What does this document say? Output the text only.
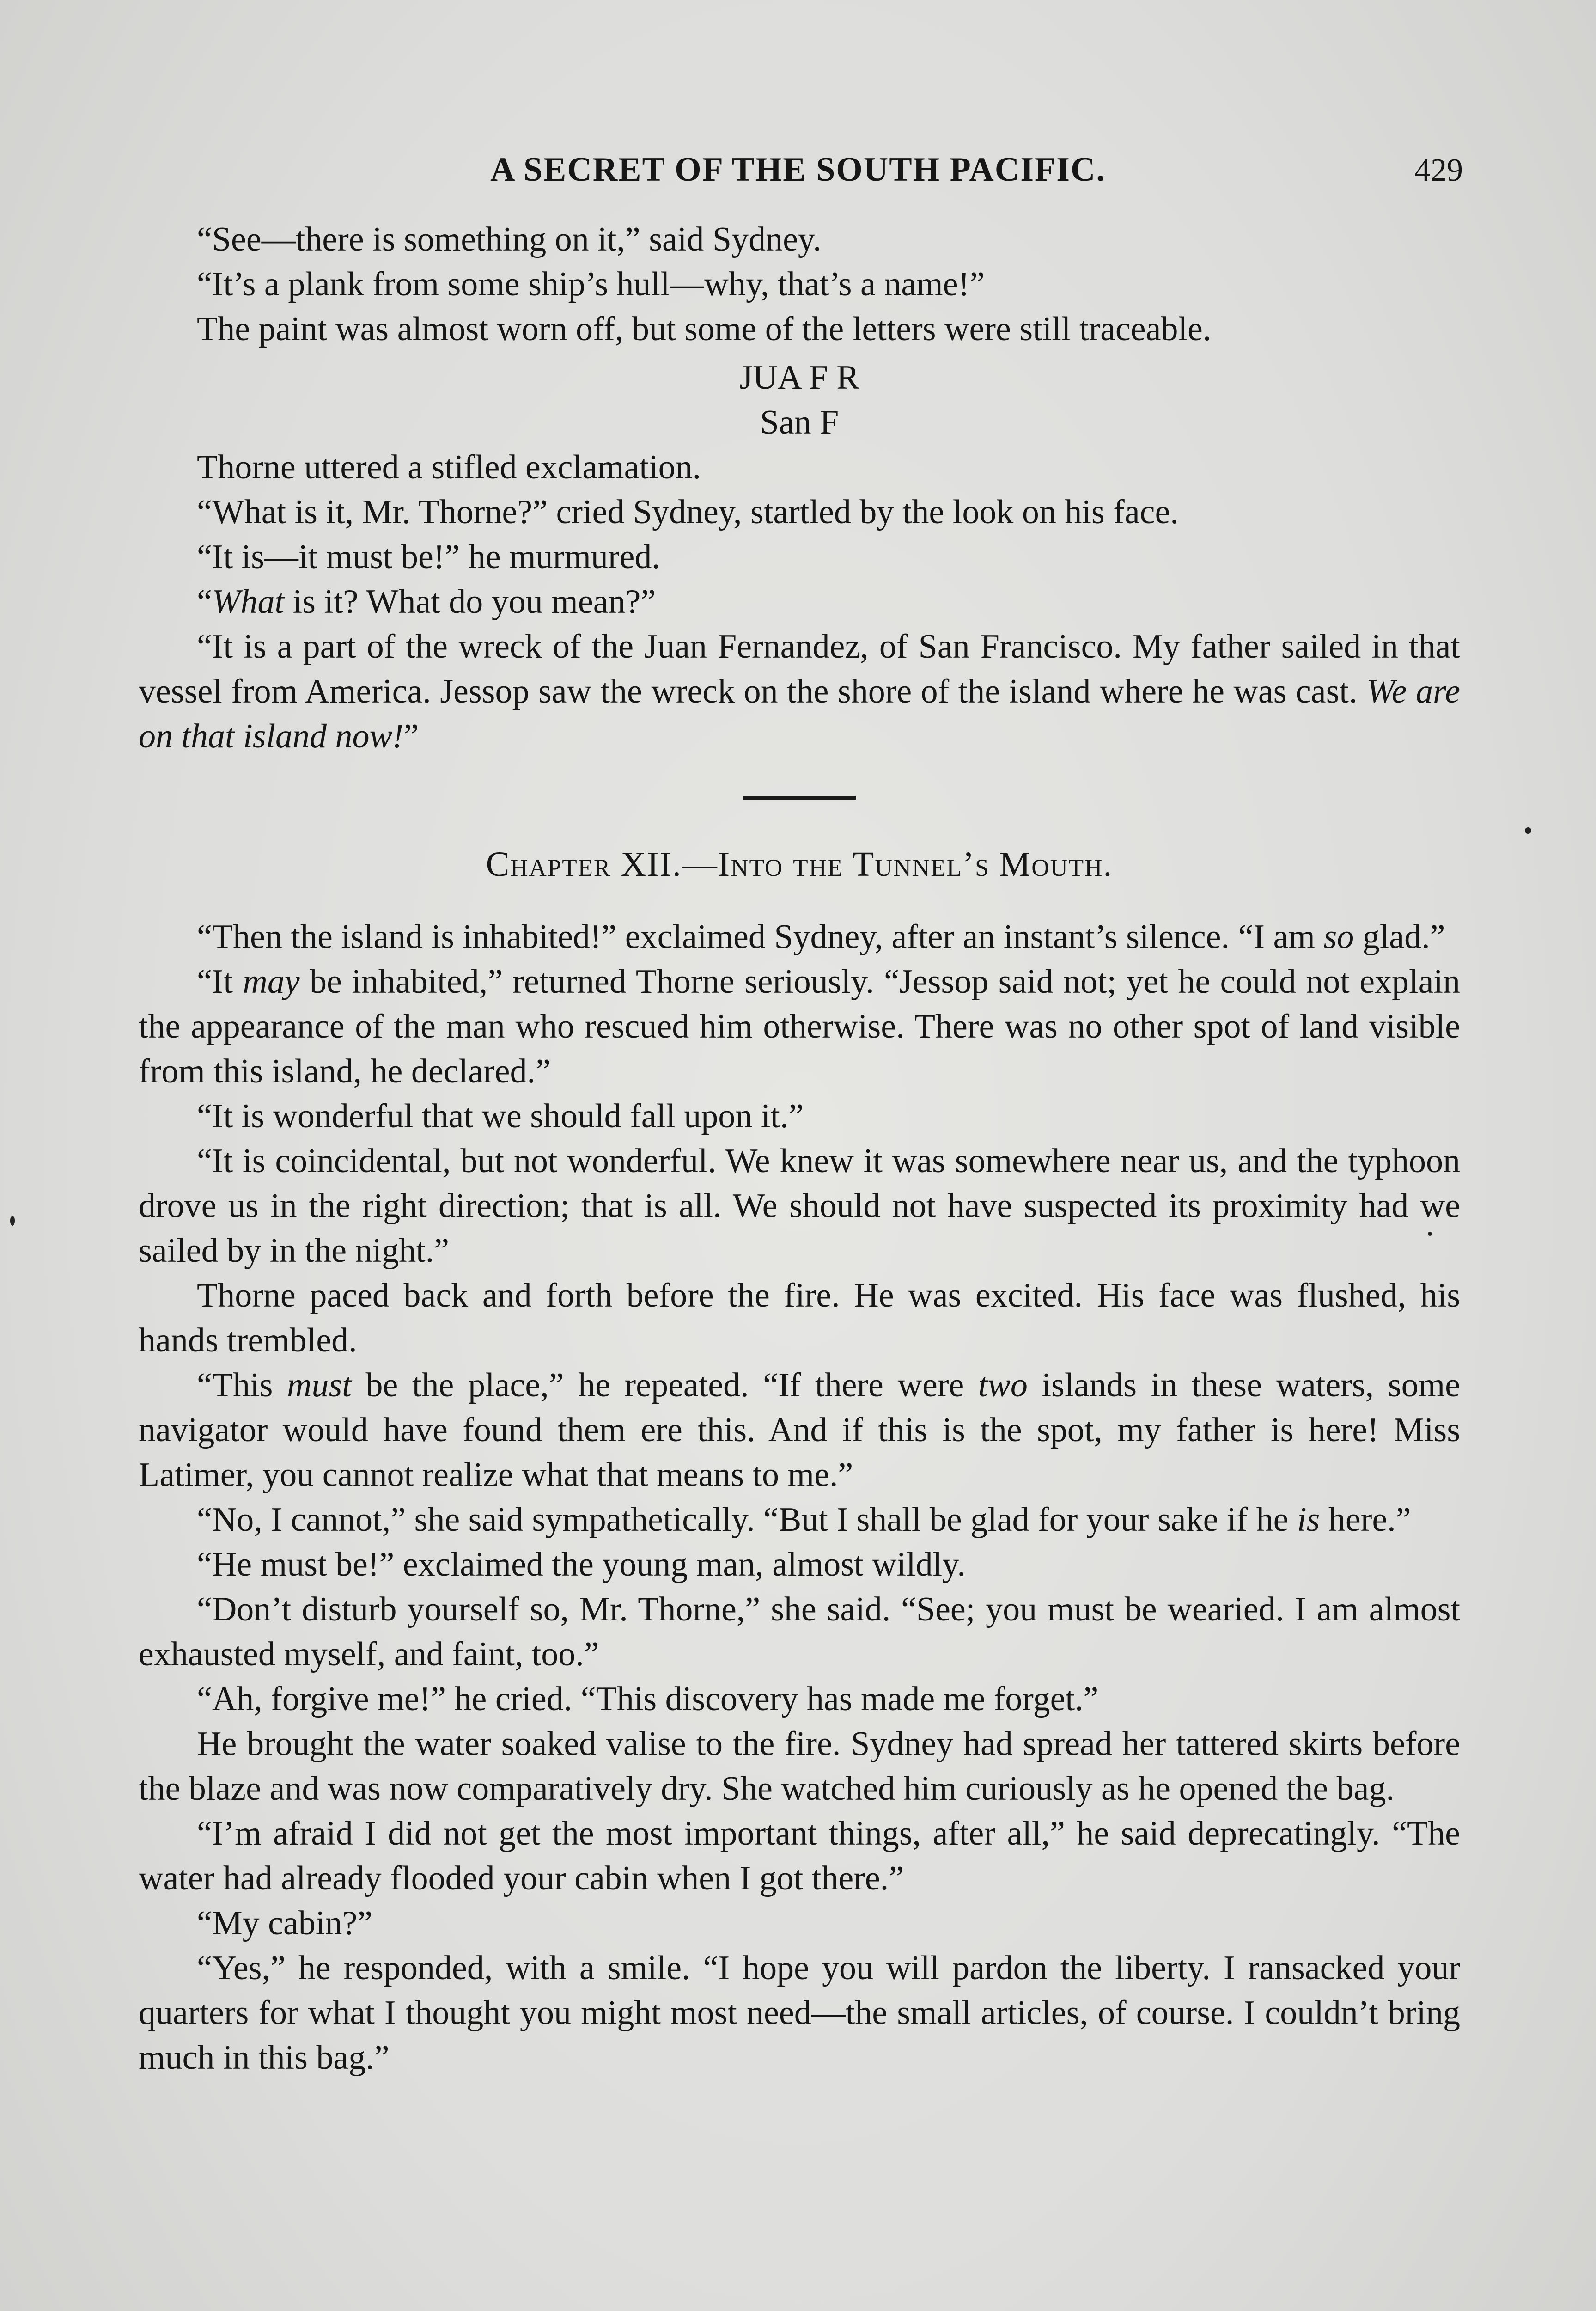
A SECRET OF THE SOUTH PACIFIC.	429

“See—there is something on it,” said Sydney.

“It’s a plank from some ship’s hull—why, that’s a name!”

The paint was almost worn off, but some of the letters were still traceable.

JUA F R

San F

Thorne uttered a stifled exclamation.

“What is it, Mr. Thorne?” cried Sydney, startled by the look on his face.

“It is—it must be!” he murmured.

“What is it? What do you mean?”

“It is a part of the wreck of the Juan Fernandez, of San Francisco. My father sailed in that vessel from America. Jessop saw the wreck on the shore of the island where he was cast. We are on that island now!”

Chapter XII.—Into the Tunnel’s Mouth.

“Then the island is inhabited!” exclaimed Sydney, after an instant’s silence. “I am so glad.”

“It may be inhabited,” returned Thorne seriously. “Jessop said not; yet he could not explain the appearance of the man who rescued him otherwise. There was no other spot of land visible from this island, he declared.”

“It is wonderful that we should fall upon it.”

“It is coincidental, but not wonderful. We knew it was somewhere near us, and the typhoon drove us in the right direction; that is all. We should not have suspected its proximity had we sailed by in the night.”

Thorne paced back and forth before the fire. He was excited. His face was flushed, his hands trembled.

“This must be the place,” he repeated. “If there were two islands in these waters, some navigator would have found them ere this. And if this is the spot, my father is here! Miss Latimer, you cannot realize what that means to me.”

“No, I cannot,” she said sympathetically. “But I shall be glad for your sake if he is here.”

“He must be!” exclaimed the young man, almost wildly.

“Don’t disturb yourself so, Mr. Thorne,” she said. “See; you must be wearied. I am almost exhausted myself, and faint, too.”

“Ah, forgive me!” he cried. “This discovery has made me forget.”

He brought the water soaked valise to the fire. Sydney had spread her tattered skirts before the blaze and was now comparatively dry. She watched him curiously as he opened the bag.

“I’m afraid I did not get the most important things, after all,” he said deprecatingly. “The water had already flooded your cabin when I got there.”

“My cabin?”

“Yes,” he responded, with a smile. “I hope you will pardon the liberty. I ransacked your quarters for what I thought you might most need—the small articles, of course. I couldn’t bring much in this bag.”
